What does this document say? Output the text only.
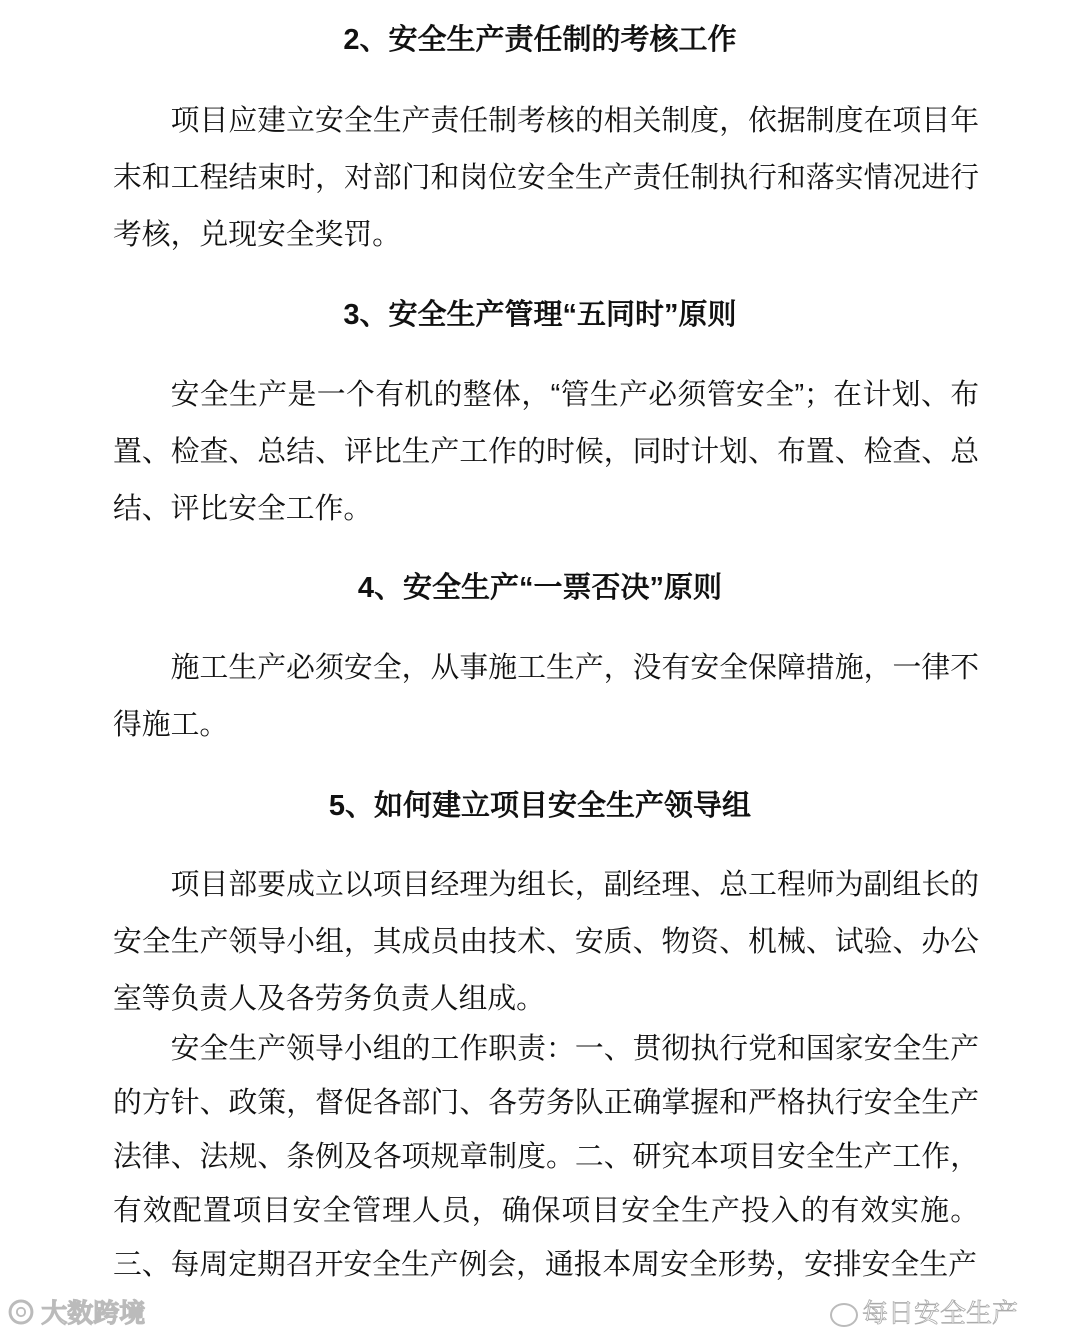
2、安全生产责任制的考核工作

项目应建立安全生产责任制考核的相关制度，依据制度在项目年末和工程结束时，对部门和岗位安全生产责任制执行和落实情况进行考核，兑现安全奖罚。

3、安全生产管理“五同时”原则

安全生产是一个有机的整体，“管生产必须管安全”；在计划、布置、检查、总结、评比生产工作的时候，同时计划、布置、检查、总结、评比安全工作。

4、安全生产“一票否决”原则

施工生产必须安全，从事施工生产，没有安全保障措施，一律不得施工。

5、如何建立项目安全生产领导组

项目部要成立以项目经理为组长，副经理、总工程师为副组长的安全生产领导小组，其成员由技术、安质、物资、机械、试验、办公室等负责人及各劳务负责人组成。

安全生产领导小组的工作职责：一、贯彻执行党和国家安全生产的方针、政策，督促各部门、各劳务队正确掌握和严格执行安全生产法律、法规、条例及各项规章制度。二、研究本项目安全生产工作，有效配置项目安全管理人员，确保项目安全生产投入的有效实施。三、每周定期召开安全生产例会，通报本周安全形势，安排安全生产

⦿ 大数跨境	每日安全生产
